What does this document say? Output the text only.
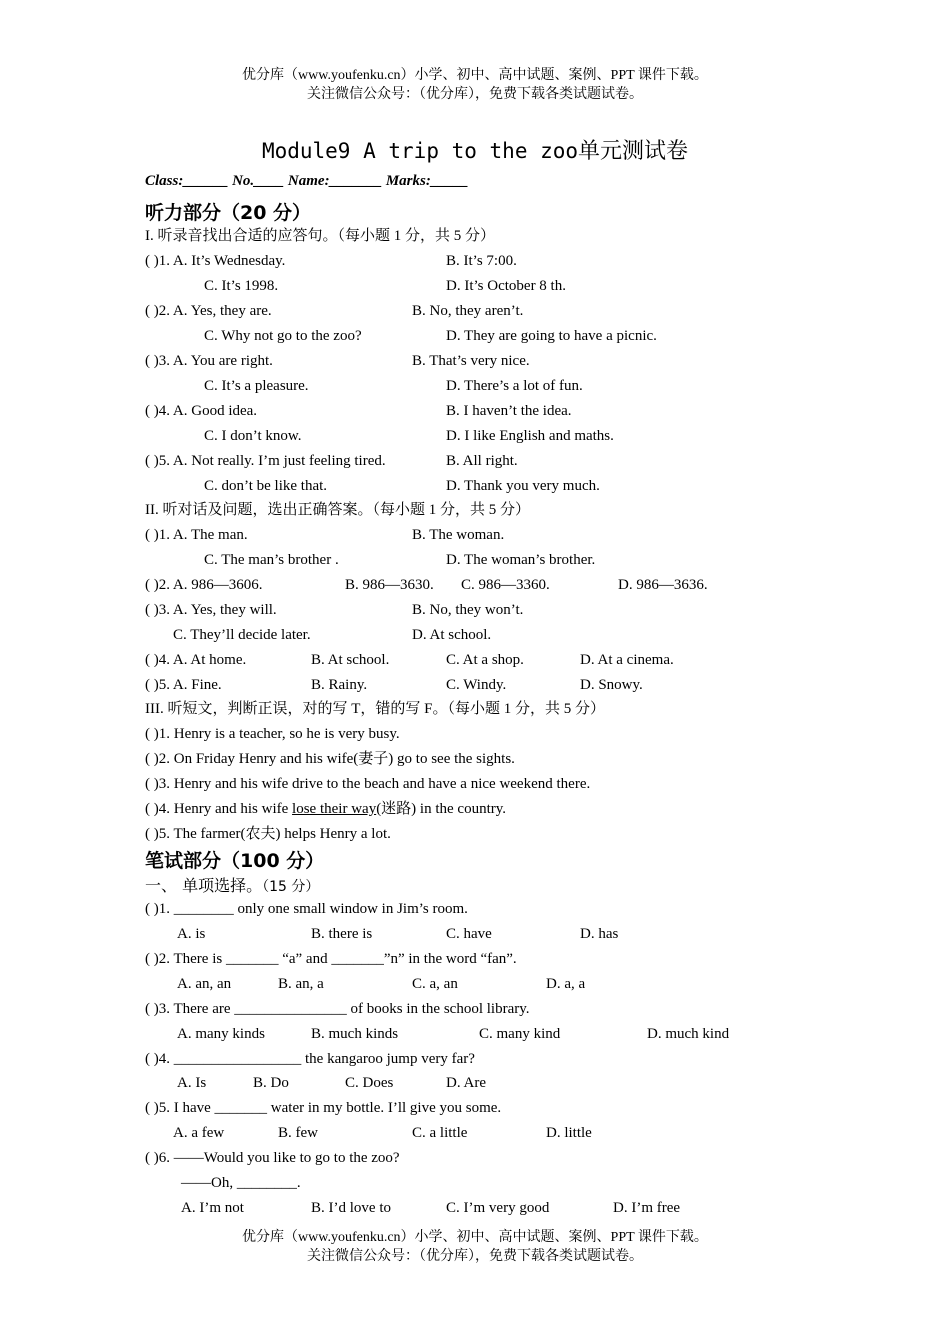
优分库（www.youfenku.cn）小学、初中、高中试题、案例、PPT 课件下载。
关注微信公众号：（优分库），免费下载各类试题试卷。
Module9 A trip to the zoo单元测试卷
Class:______ No.____ Name:_______ Marks:_____
听力部分（20 分）
I. 听录音找出合适的应答句。（每小题 1 分，共 5 分）
( )1. A. It’s Wednesday.	B. It’s 7:00.
C. It’s 1998.	D. It’s October 8 th.
( )2. A. Yes, they are.	B. No, they aren’t.
C. Why not go to the zoo?	D. They are going to have a picnic.
( )3. A. You are right.	B. That’s very nice.
C. It’s a pleasure.	D. There’s a lot of fun.
( )4. A. Good idea.	B. I haven’t the idea.
C. I don’t know.	D. I like English and maths.
( )5. A. Not really. I’m just feeling tired.	B. All right.
C. don’t be like that.	D. Thank you very much.
II. 听对话及问题，选出正确答案。（每小题 1 分，共 5 分）
( )1. A. The man.	B. The woman.
C. The man’s brother .	D. The woman’s brother.
( )2. A. 986—3606.	B. 986—3630. C. 986—3360.	D. 986—3636.
( )3. A. Yes, they will.	B. No, they won’t.
C. They’ll decide later.	D. At school.
( )4. A. At home.	B. At school.	C. At a shop.	D. At a cinema.
( )5. A. Fine.	B. Rainy.	C. Windy.	D. Snowy.
III. 听短文，判断正误，对的写 T，错的写 F。（每小题 1 分，共 5 分）
( )1. Henry is a teacher, so he is very busy.
( )2. On Friday Henry and his wife(妻子) go to see the sights.
( )3. Henry and his wife drive to the beach and have a nice weekend there.
( )4. Henry and his wife lose their way(迷路) in the country.
( )5. The farmer(农夫) helps Henry a lot.
笔试部分（100 分）
一、 单项选择。（15 分）
( )1. ________ only one small window in Jim’s room.
A. is	B. there is	C. have	D. has
( )2. There is _______ “a” and _______”n” in the word “fan”.
A. an, an	B. an, a	C. a, an	D. a, a
( )3. There are _______________ of books in the school library.
A. many kinds	B. much kinds	C. many kind	D. much kind
( )4. _________________ the kangaroo jump very far?
A. Is	B. Do	C. Does	D. Are
( )5. I have _______ water in my bottle. I’ll give you some.
A. a few	B. few	C. a little	D. little
( )6. ——Would you like to go to the zoo?
——Oh, ________.
A. I’m not	B. I’d love to	C. I’m very good	D. I’m free
优分库（www.youfenku.cn）小学、初中、高中试题、案例、PPT 课件下载。
关注微信公众号：（优分库），免费下载各类试题试卷。
